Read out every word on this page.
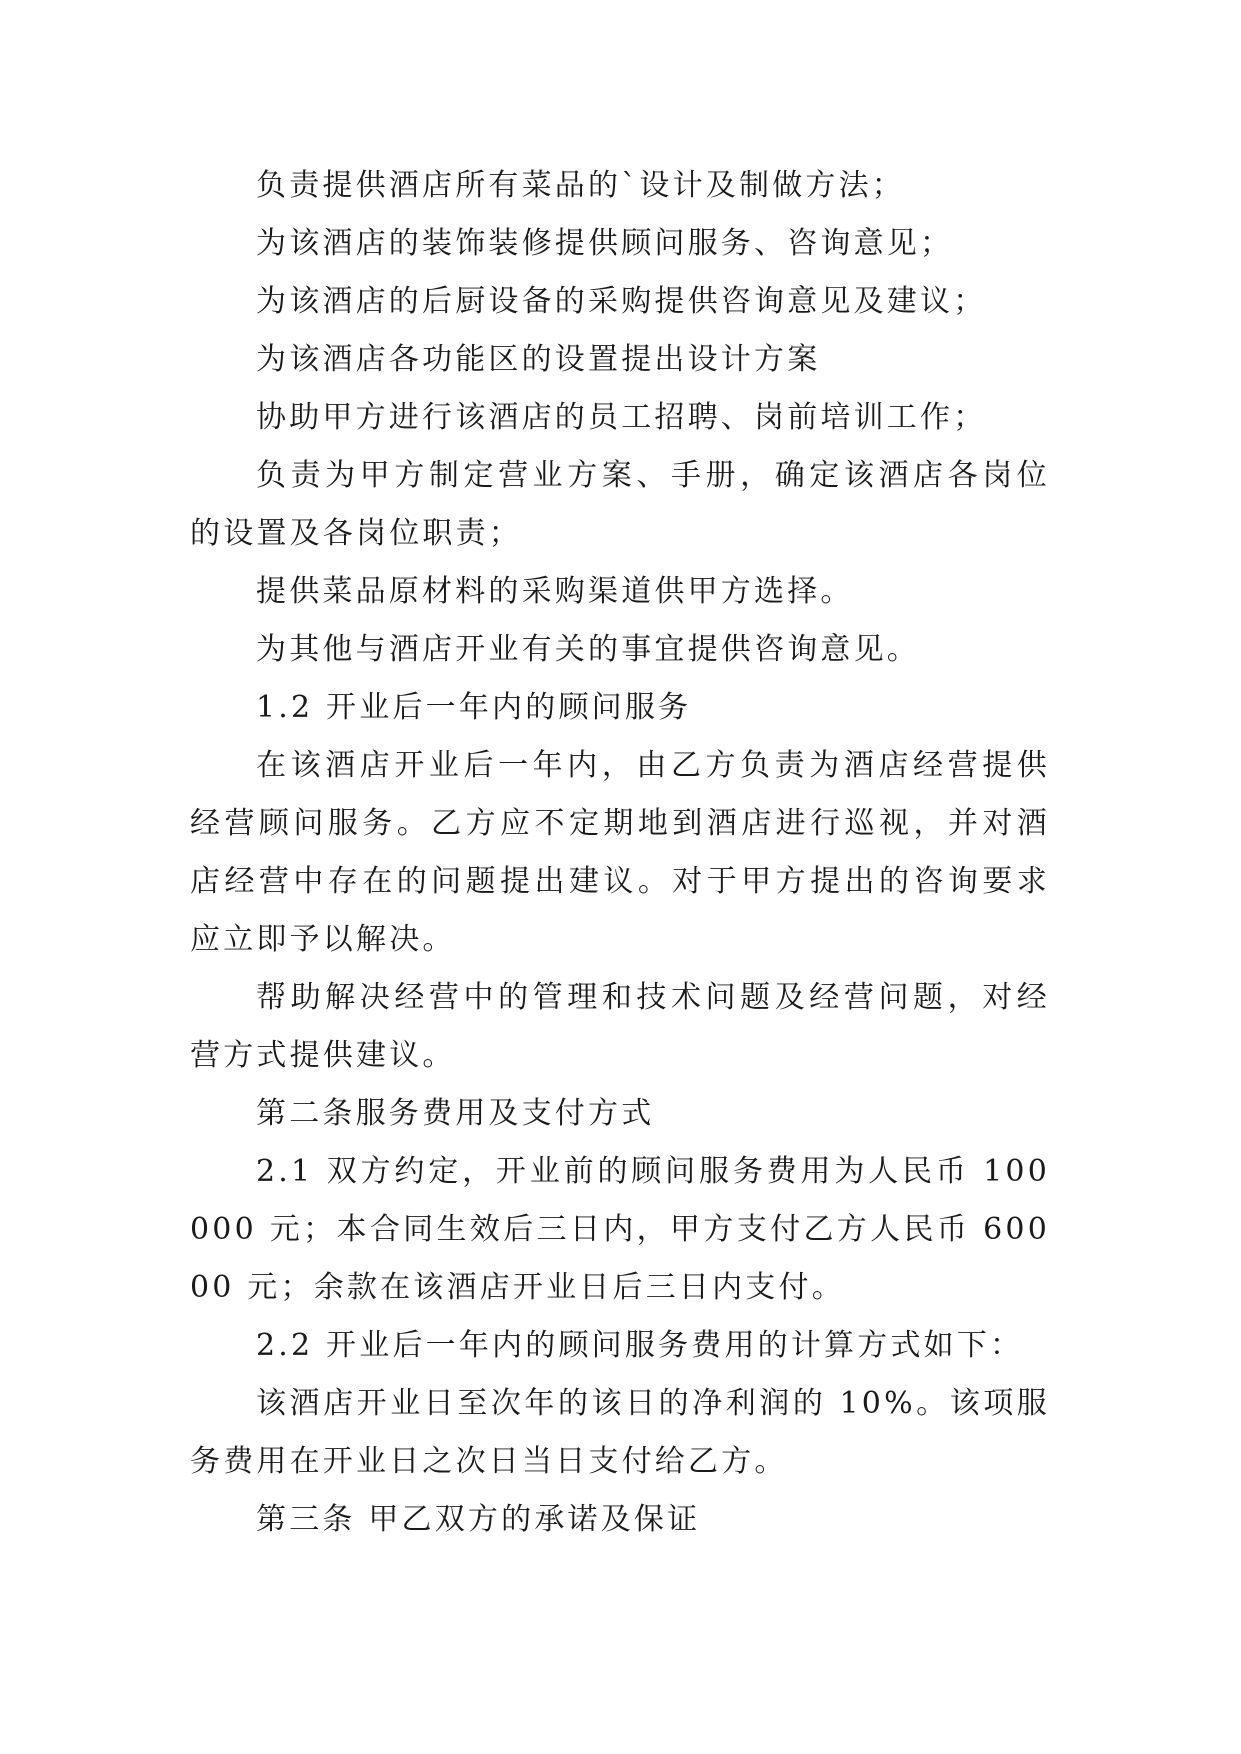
负责提供酒店所有菜品的`设计及制做方法；

为该酒店的装饰装修提供顾问服务、咨询意见；

为该酒店的后厨设备的采购提供咨询意见及建议；

为该酒店各功能区的设置提出设计方案

协助甲方进行该酒店的员工招聘、岗前培训工作；

负责为甲方制定营业方案、手册，确定该酒店各岗位的设置及各岗位职责；

提供菜品原材料的采购渠道供甲方选择。

为其他与酒店开业有关的事宜提供咨询意见。

1.2 开业后一年内的顾问服务

在该酒店开业后一年内，由乙方负责为酒店经营提供经营顾问服务。乙方应不定期地到酒店进行巡视，并对酒店经营中存在的问题提出建议。对于甲方提出的咨询要求应立即予以解决。

帮助解决经营中的管理和技术问题及经营问题，对经营方式提供建议。

第二条服务费用及支付方式

2.1 双方约定，开业前的顾问服务费用为人民币 100000 元；本合同生效后三日内，甲方支付乙方人民币 60000 元；余款在该酒店开业日后三日内支付。

2.2 开业后一年内的顾问服务费用的计算方式如下：

该酒店开业日至次年的该日的净利润的 10%。该项服务费用在开业日之次日当日支付给乙方。

第三条 甲乙双方的承诺及保证
